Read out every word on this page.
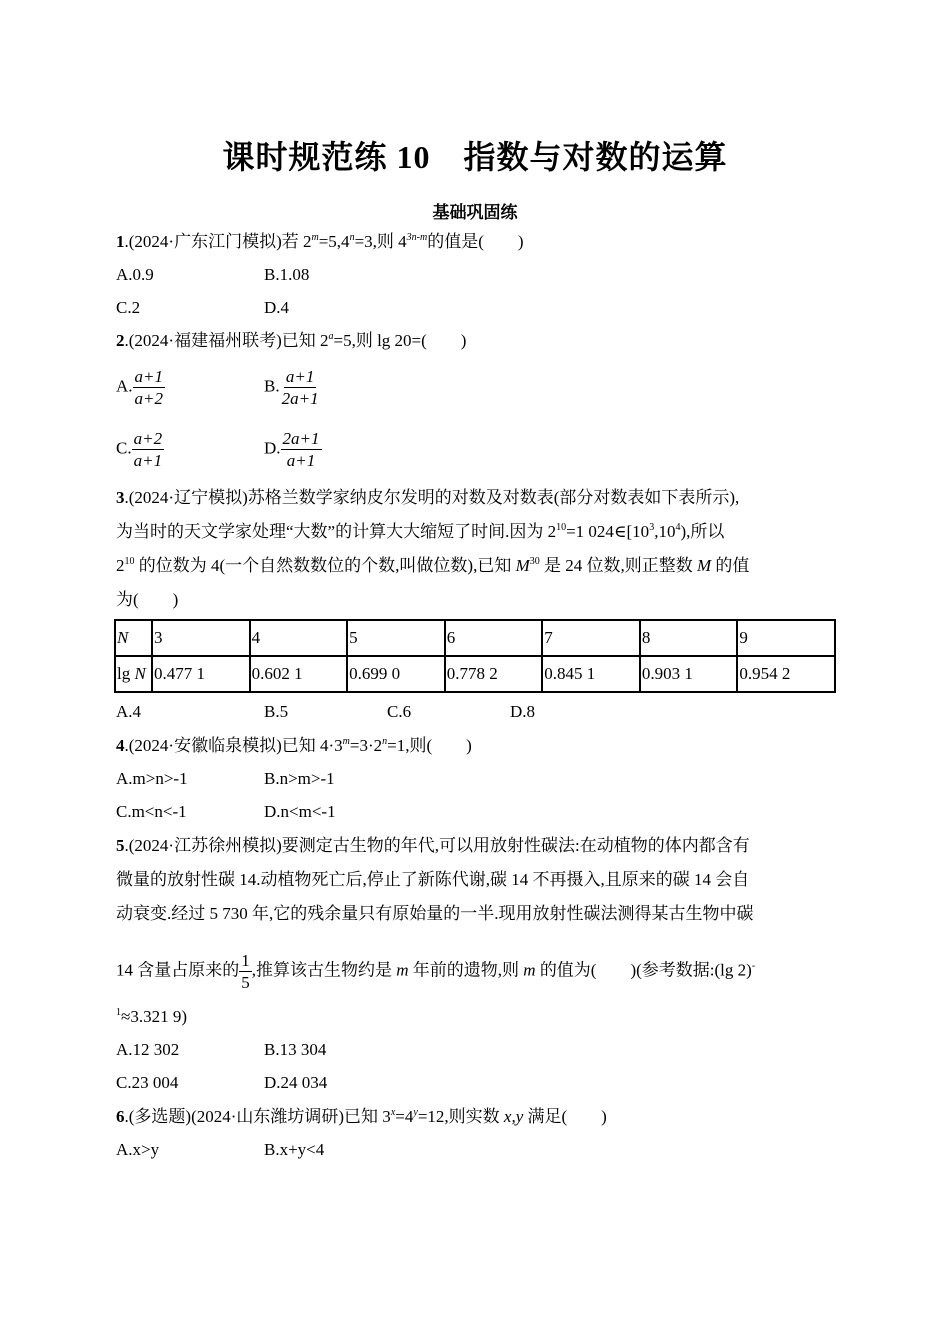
课时规范练 10　指数与对数的运算
基础巩固练
1.(2024·广东江门模拟)若 $2^m=5,4^n=3$,则 $4^{3n-m}$的值是(　　)
A.0.9	B.1.08
C.2	D.4
2.(2024·福建福州联考)已知 $2^a=5$,则 lg 20=(　　)
A. $\frac{a+1}{a+2}$	B. $\frac{a+1}{2a+1}$
C. $\frac{a+2}{a+1}$	D. $\frac{2a+1}{a+1}$
3.(2024·辽宁模拟)苏格兰数学家纳皮尔发明的对数及对数表(部分对数表如下表所示),
为当时的天文学家处理“大数”的计算大大缩短了时间.因为 $2^{10}=1$ $024\in[10^3,10^4)$,所以
$2^{10}$ 的位数为 4(一个自然数数位的个数,叫做位数),已知 $M^{30}$ 是 24 位数,则正整数 M 的值
为(　　)
N	3	4	5	6	7	8	9
lg N	0.477 1	0.602 1	0.699 0	0.778 2	0.845 1	0.903 1	0.954 2
A.4	B.5	C.6	D.8
4.(2024·安徽临泉模拟)已知 $4\cdot 3^m=3\cdot 2^n=1$,则(　　)
A.m>n>-1	B.n>m>-1
C.m<n<-1	D.n<m<-1
5.(2024·江苏徐州模拟)要测定古生物的年代,可以用放射性碳法:在动植物的体内都含有
微量的放射性碳 14.动植物死亡后,停止了新陈代谢,碳 14 不再摄入,且原来的碳 14 会自
动衰变.经过 5 730 年,它的残余量只有原始量的一半.现用放射性碳法测得某古生物中碳
14 含量占原来的 $\frac{1}{5}$ ,推算该古生物约是 m 年前的遗物,则 m 的值为(　　)(参考数据:(lg 2)-
$^1$≈3.321 9)
A.12 302	B.13 304
C.23 004	D.24 034
6.(多选题)(2024·山东潍坊调研)已知 $3^x=4^y=12$,则实数 x,y 满足(　　)
A.x>y	B.x+y<4
